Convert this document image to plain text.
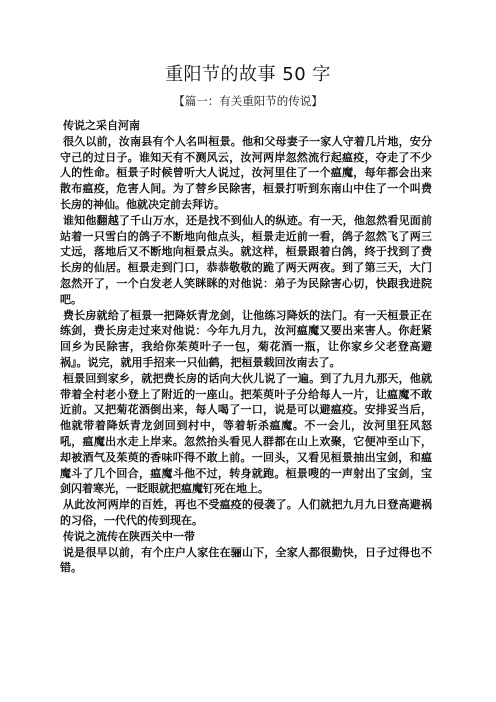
重阳节的故事 50 字
【篇一：有关重阳节的传说】

传说之采自河南

很久以前，汝南县有个人名叫桓景。他和父母妻子一家人守着几片地，安分守己的过日子。谁知天有不测风云，汝河两岸忽然流行起瘟疫，夺走了不少人的性命。桓景子时候曾听大人说过，汝河里住了一个瘟魔，每年都会出来散布瘟疫，危害人间。为了替乡民除害，桓景打听到东南山中住了一个叫费长房的神仙。他就决定前去拜访。

谁知他翻越了千山万水，还是找不到仙人的纵迹。有一天，他忽然看见面前站着一只雪白的鸽子不断地向他点头，桓景走近前一看，鸽子忽然飞了两三丈远，落地后又不断地向桓景点头。就这样，桓景跟着白鸽，终于找到了费长房的仙居。桓景走到门口，恭恭敬敬的跪了两天两夜。到了第三天，大门忽然开了，一个白发老人笑眯眯的对他说：弟子为民除害心切，快跟我进院吧。

费长房就给了桓景一把降妖青龙剑，让他练习降妖的法门。有一天桓景正在练剑，费长房走过来对他说：今年九月九，汝河瘟魔又要出来害人。你赶紧回乡为民除害，我给你茱萸叶子一包，菊花酒一瓶，让你家乡父老登高避祸』。说完，就用手招来一只仙鹤，把桓景载回汝南去了。

桓景回到家乡，就把费长房的话向大伙儿说了一遍。到了九月九那天，他就带着全村老小登上了附近的一座山。把茱萸叶子分给每人一片，让瘟魔不敢近前。又把菊花酒倒出来，每人喝了一口，说是可以避瘟疫。安排妥当后，他就带着降妖青龙剑回到村中，等着斩杀瘟魔。不一会儿，汝河里狂风怒吼，瘟魔出水走上岸来。忽然抬头看见人群都在山上欢聚，它便冲至山下，却被酒气及茱萸的香味吓得不敢上前。一回头，又看见桓景抽出宝剑，和瘟魔斗了几个回合，瘟魔斗他不过，转身就跑。桓景嗖的一声射出了宝剑，宝剑闪着寒光，一眨眼就把瘟魔钉死在地上。

从此汝河两岸的百姓，再也不受瘟疫的侵袭了。人们就把九月九日登高避祸的习俗，一代代的传到现在。

传说之流传在陕西关中一带

说是很早以前，有个庄户人家住在骊山下，全家人都很勤快，日子过得也不错。
